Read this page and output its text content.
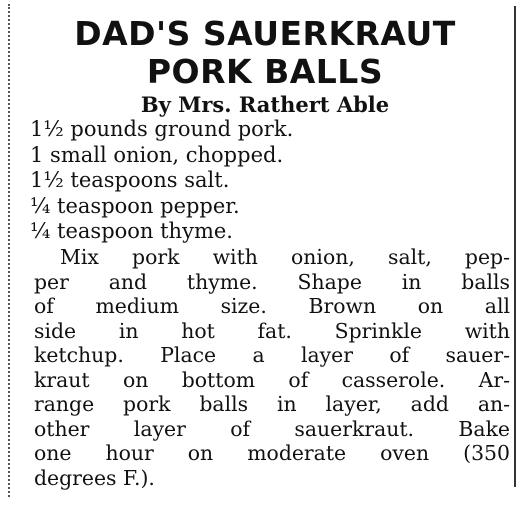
DAD'S SAUERKRAUT
PORK BALLS

By Mrs. Rathert Able

1½ pounds ground pork.
1 small onion, chopped.
1½ teaspoons salt.
¼ teaspoon pepper.
¼ teaspoon thyme.

Mix pork with onion, salt, pep-
per and thyme. Shape in balls
of medium size. Brown on all
side in hot fat. Sprinkle with
ketchup. Place a layer of sauer-
kraut on bottom of casserole. Ar-
range pork balls in layer, add an-
other layer of sauerkraut. Bake
one hour on moderate oven (350
degrees F.).
